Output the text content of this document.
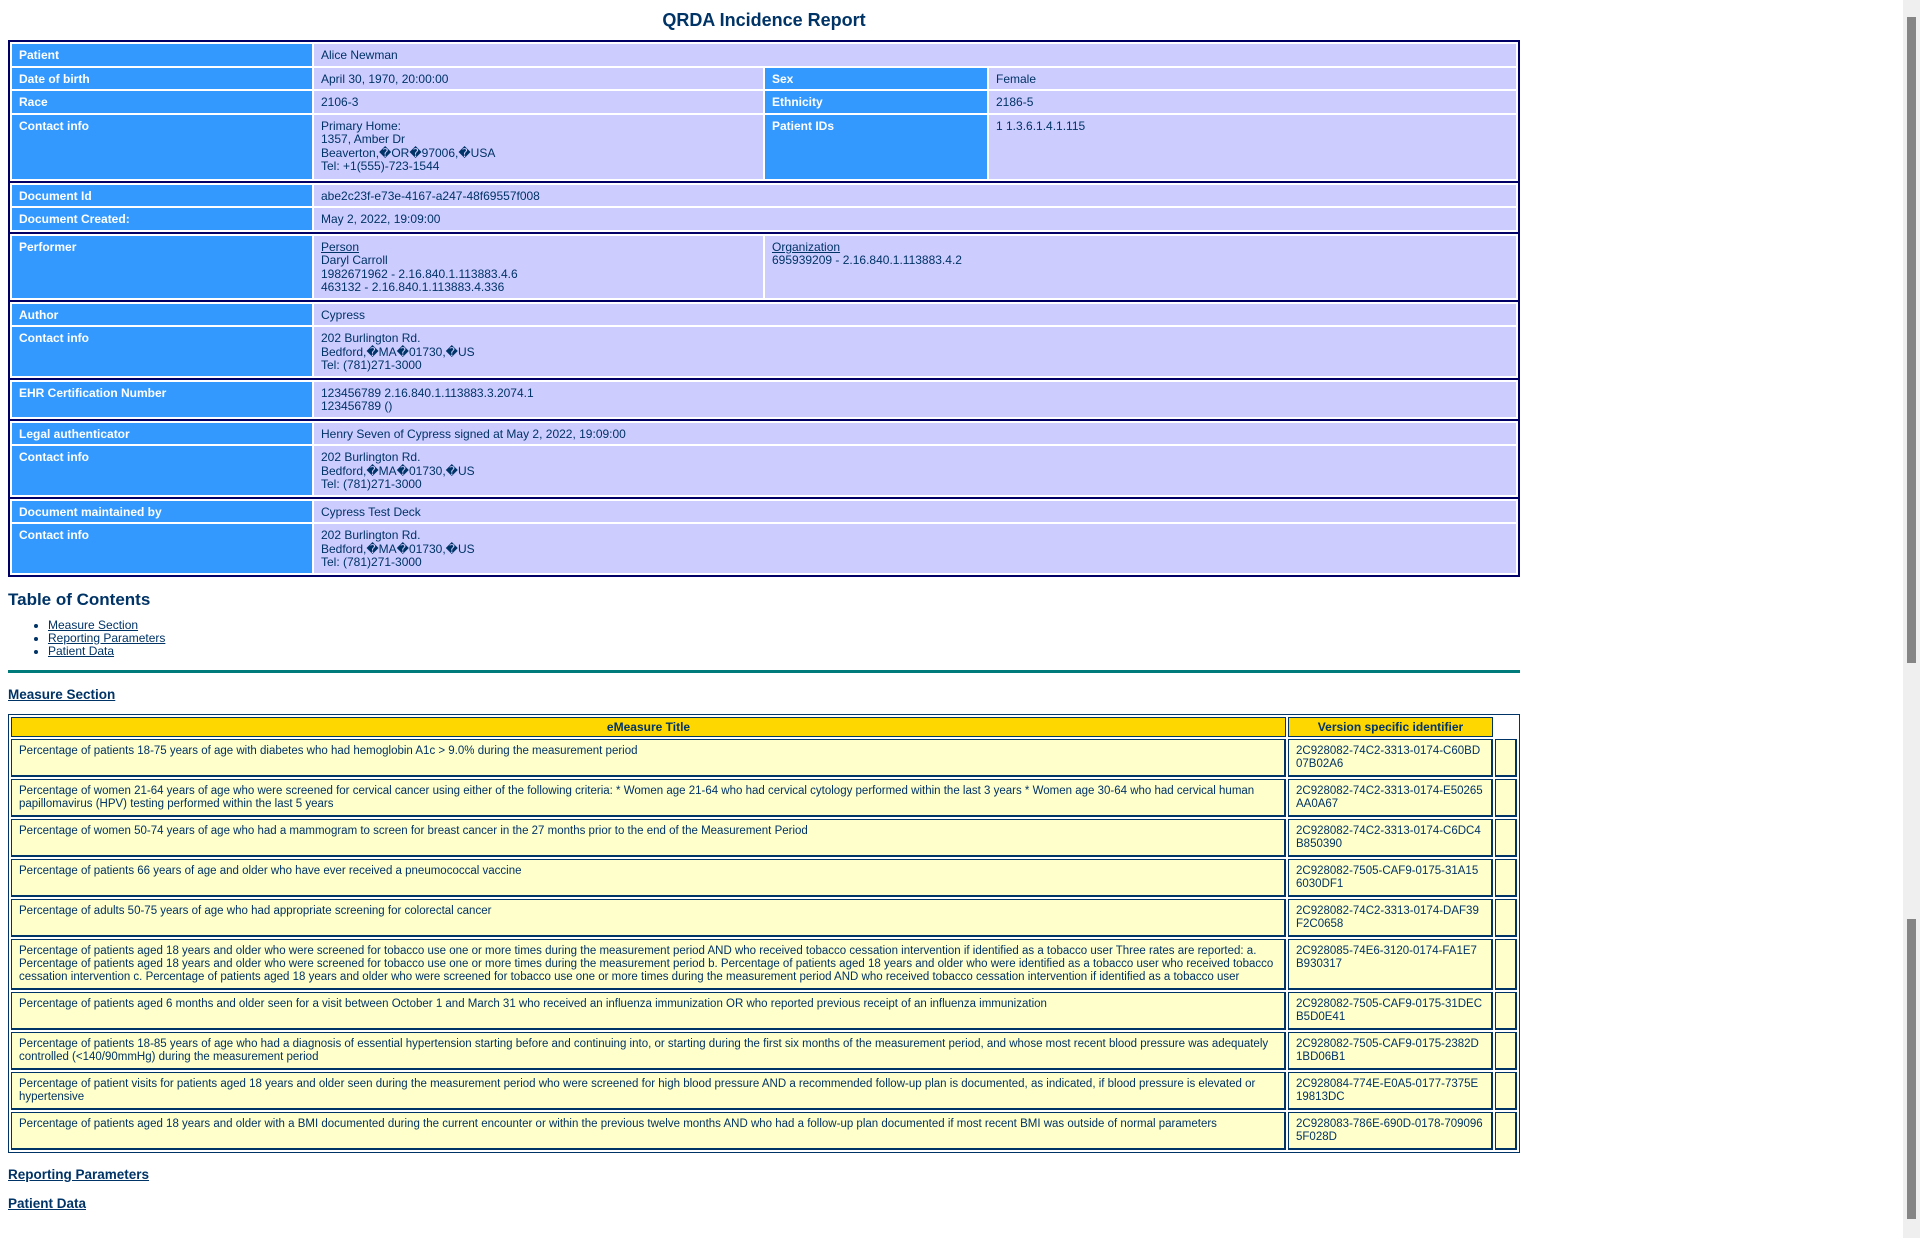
QRDA Incidence Report
Patient	Alice Newman		
Date of birth	April 30, 1970, 20:00:00	Sex	Female
Race	2106-3	Ethnicity	2186-5
Contact info	Primary Home:
1357, Amber Dr
Beaverton,�OR�97006,�USA
Tel: +1(555)-723-1544	Patient IDs	1 1.3.6.1.4.1.115
Document Id	abe2c23f-e73e-4167-a247-48f69557f008
Document Created:	May 2, 2022, 19:09:00
Performer	Person
Daryl Carroll
1982671962 - 2.16.840.1.113883.4.6
463132 - 2.16.840.1.113883.4.336
	Organization
695939209 - 2.16.840.1.113883.4.2
Author	Cypress
Contact info	202 Burlington Rd.
Bedford,�MA�01730,�US
Tel: (781)271-3000
EHR Certification Number	123456789 2.16.840.1.113883.3.2074.1
123456789 ()
Legal authenticator	Henry Seven of Cypress signed at May 2, 2022, 19:09:00
Contact info	202 Burlington Rd.
Bedford,�MA�01730,�US
Tel: (781)271-3000
Document maintained by	Cypress Test Deck
Contact info	202 Burlington Rd.
Bedford,�MA�01730,�US
Tel: (781)271-3000
Table of Contents
• Measure Section
• Reporting Parameters
• Patient Data
Measure Section
eMeasure Title	Version specific identifier	
Percentage of patients 18-75 years of age with diabetes who had hemoglobin A1c > 9.0% during the measurement period	2C928082-74C2-3313-0174-C60BD07B02A6	
Percentage of women 21-64 years of age who were screened for cervical cancer using either of the following criteria: * Women age 21-64 who had cervical cytology performed within the last 3 years * Women age 30-64 who had cervical human papillomavirus (HPV) testing performed within the last 5 years	2C928082-74C2-3313-0174-E50265AA0A67	
Percentage of women 50-74 years of age who had a mammogram to screen for breast cancer in the 27 months prior to the end of the Measurement Period	2C928082-74C2-3313-0174-C6DC4B850390	
Percentage of patients 66 years of age and older who have ever received a pneumococcal vaccine	2C928082-7505-CAF9-0175-31A156030DF1	
Percentage of adults 50-75 years of age who had appropriate screening for colorectal cancer	2C928082-74C2-3313-0174-DAF39F2C0658	
Percentage of patients aged 18 years and older who were screened for tobacco use one or more times during the measurement period AND who received tobacco cessation intervention if identified as a tobacco user Three rates are reported: a. Percentage of patients aged 18 years and older who were screened for tobacco use one or more times during the measurement period b. Percentage of patients aged 18 years and older who were identified as a tobacco user who received tobacco cessation intervention c. Percentage of patients aged 18 years and older who were screened for tobacco use one or more times during the measurement period AND who received tobacco cessation intervention if identified as a tobacco user	2C928085-74E6-3120-0174-FA1E7B930317	
Percentage of patients aged 6 months and older seen for a visit between October 1 and March 31 who received an influenza immunization OR who reported previous receipt of an influenza immunization	2C928082-7505-CAF9-0175-31DECB5D0E41	
Percentage of patients 18-85 years of age who had a diagnosis of essential hypertension starting before and continuing into, or starting during the first six months of the measurement period, and whose most recent blood pressure was adequately controlled (<140/90mmHg) during the measurement period	2C928082-7505-CAF9-0175-2382D1BD06B1	
Percentage of patient visits for patients aged 18 years and older seen during the measurement period who were screened for high blood pressure AND a recommended follow-up plan is documented, as indicated, if blood pressure is elevated or hypertensive	2C928084-774E-E0A5-0177-7375E19813DC	
Percentage of patients aged 18 years and older with a BMI documented during the current encounter or within the previous twelve months AND who had a follow-up plan documented if most recent BMI was outside of normal parameters	2C928083-786E-690D-0178-7090965F028D	
Reporting Parameters
Patient Data
